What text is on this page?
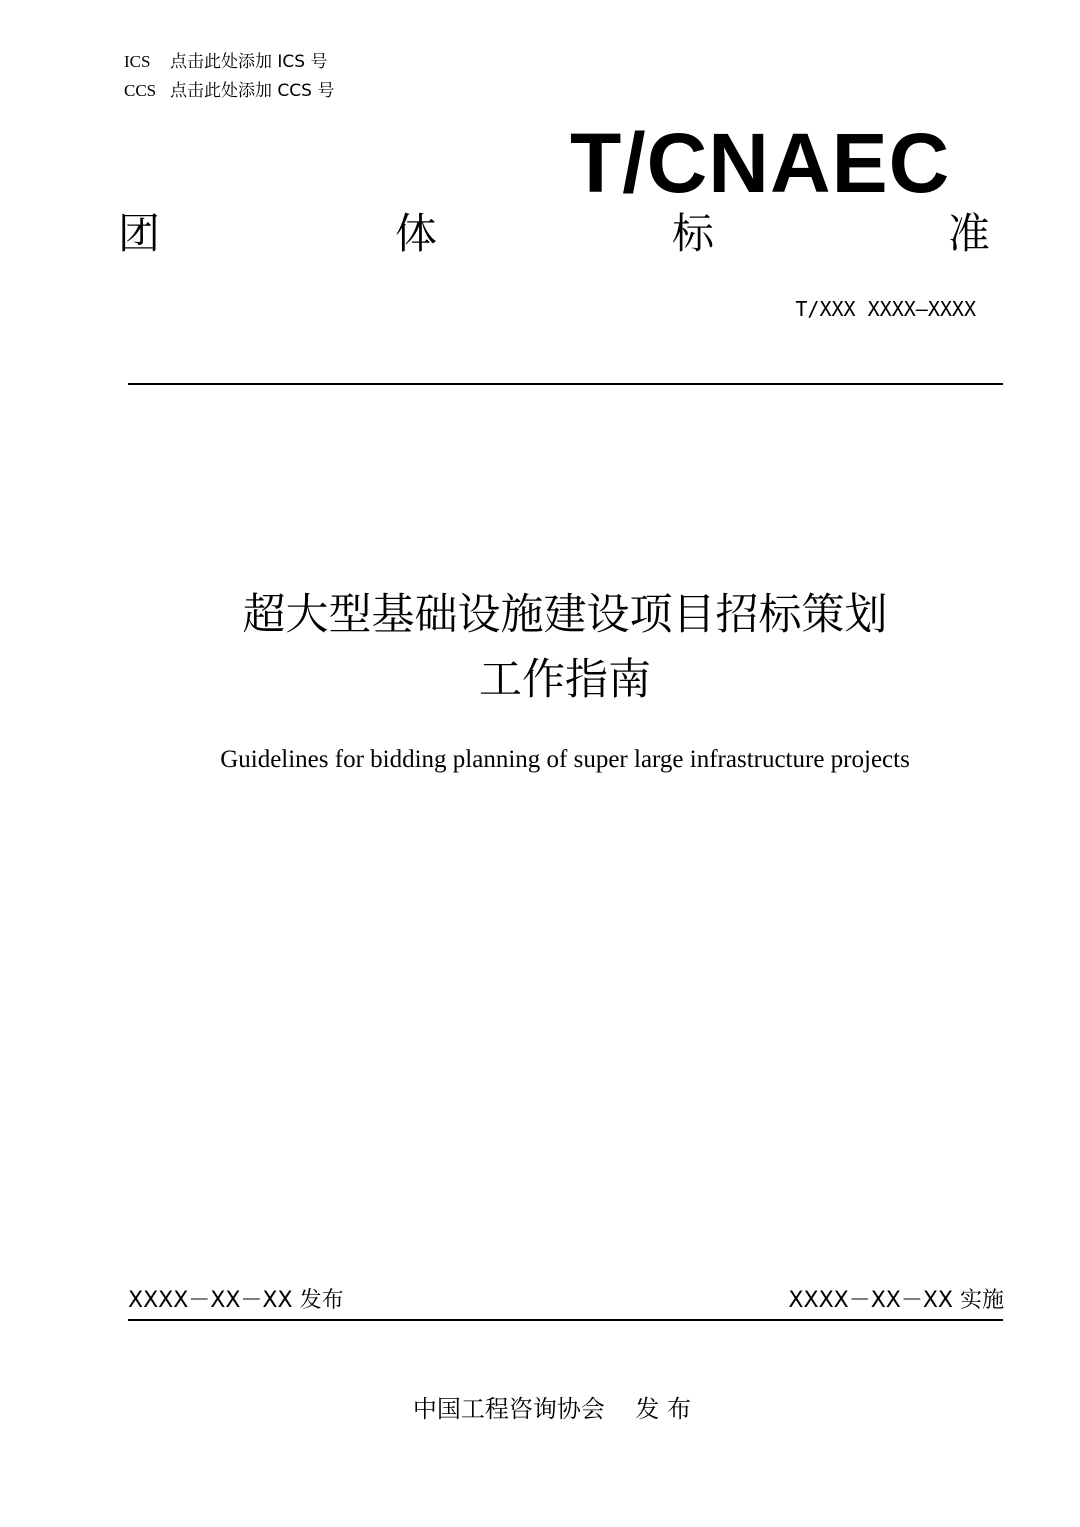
ICS 点击此处添加 ICS 号
CCS 点击此处添加 CCS 号
T/CNAEC
团	体	标	准
T/XXX XXXX—XXXX
超大型基础设施建设项目招标策划
工作指南
Guidelines for bidding planning of super large infrastructure projects
XXXX－XX－XX 发布	XXXX－XX－XX 实施
中国工程咨询协会    发 布
